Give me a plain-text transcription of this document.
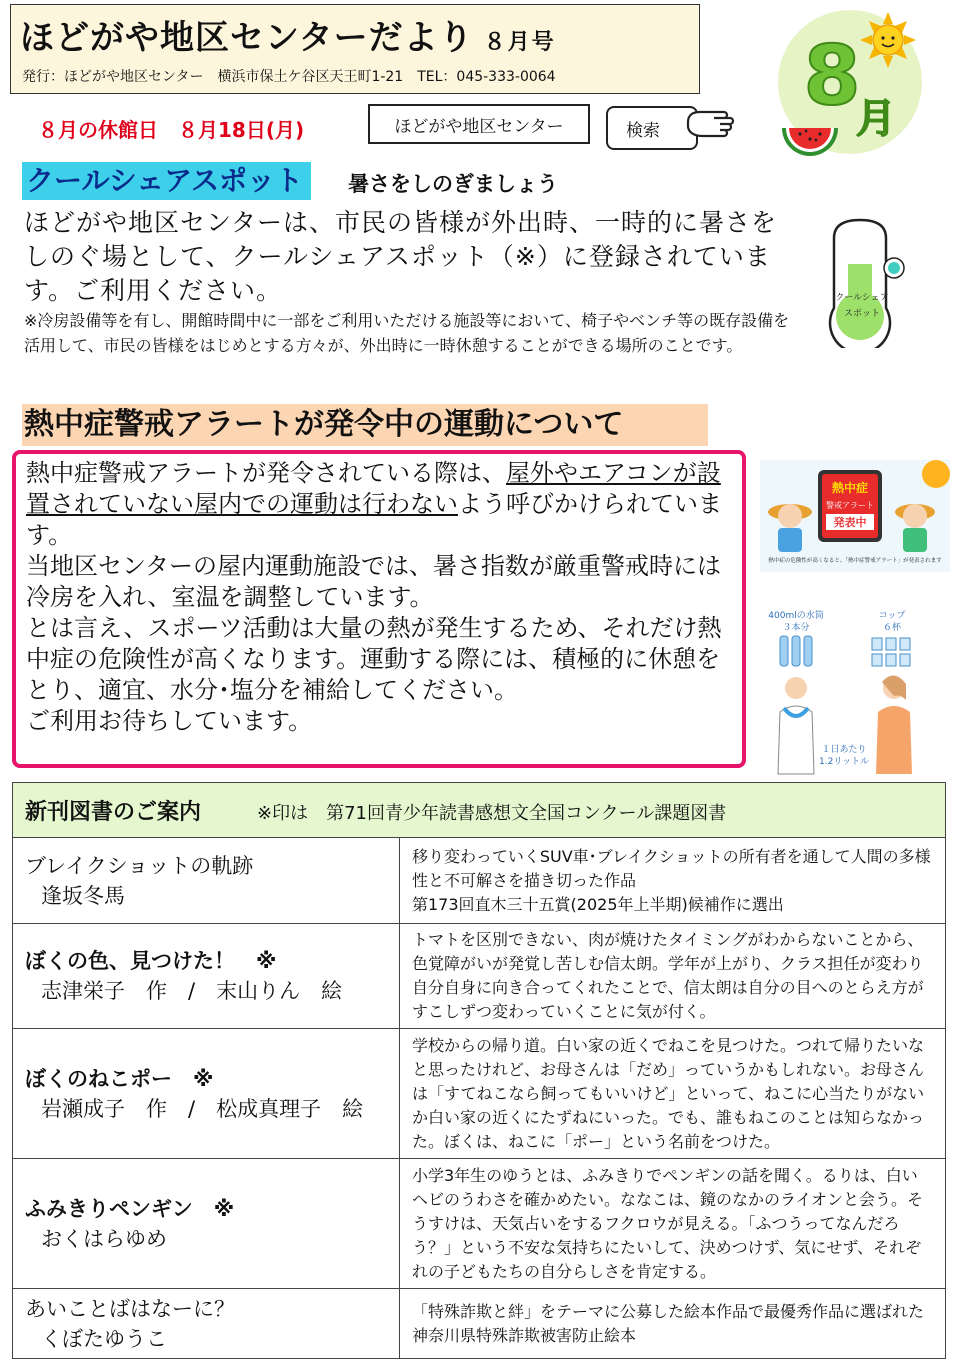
ほどがや地区センターだより ８月号
発行：ほどがや地区センター　横浜市保土ケ谷区天王町1-21　TEL：045-333-0064
８月の休館日　８月18日(月)	ほどがや地区センター	検索
8
月
クールシェアスポット	暑さをしのぎましょう
ほどがや地区センターは、市民の皆様が外出時、一時的に暑さをしのぐ場として、クールシェアスポット（※）に登録されています。ご利用ください。
※冷房設備等を有し、開館時間中に一部をご利用いただける施設等において、椅子やベンチ等の既存設備を活用して、市民の皆様をはじめとする方々が、外出時に一時休憩することができる場所のことです。
クールシェア
スポット
熱中症警戒アラートが発令中の運動について

熱中症警戒アラートが発令されている際は、屋外やエアコンが設置されていない屋内での運動は行わないよう呼びかけられています。

当地区センターの屋内運動施設では、暑さ指数が厳重警戒時には冷房を入れ、室温を調整しています。

とは言え、スポーツ活動は大量の熱が発生するため、それだけ熱中症の危険性が高くなります。運動する際には、積極的に休憩をとり、適宜、水分･塩分を補給してください。

ご利用お待ちしています。

熱中症
警戒アラート
発表中
熱中症の危険性が高くなると、「熱中症警戒アラート」が発表されます
400mlの水筒
３本分
コップ
６杯
１日あたり
1.2リットル
新刊図書のご案内 ※印は　第71回青少年読書感想文全国コンクール課題図書	

ブレイクショットの軌跡
逢坂冬馬	移り変わっていくSUV車･ブレイクショットの所有者を通して人間の多様性と不可解さを描き切った作品
第173回直木三十五賞(2025年上半期)候補作に選出

ぼくの色、見つけた！　※
志津栄子　作　/　末山りん　絵	トマトを区別できない、肉が焼けたタイミングがわからないことから、色覚障がいが発覚し苦しむ信太朗。学年が上がり、クラス担任が変わり自分自身に向き合ってくれたことで、信太朗は自分の目へのとらえ方がすこしずつ変わっていくことに気が付く。

ぼくのねこポー　※
岩瀬成子　作　/　松成真理子　絵	学校からの帰り道。白い家の近くでねこを見つけた。つれて帰りたいなと思ったけれど、お母さんは「だめ」っていうかもしれない。お母さんは「すてねこなら飼ってもいいけど」といって、ねこに心当たりがないか白い家の近くにたずねにいった。でも、誰もねこのことは知らなかった。ぼくは、ねこに「ポー」という名前をつけた。

ふみきりペンギン　※
おくはらゆめ	小学3年生のゆうとは、ふみきりでペンギンの話を聞く。るりは、白いヘビのうわさを確かめたい。ななこは、鏡のなかのライオンと会う。そうすけは、天気占いをするフクロウが見える。「ふつうってなんだろう？」という不安な気持ちにたいして、決めつけず、気にせず、それぞれの子どもたちの自分らしさを肯定する。

あいことばはなーに？
くぼたゆうこ	「特殊詐欺と絆」をテーマに公募した絵本作品で最優秀作品に選ばれた　神奈川県特殊詐欺被害防止絵本
